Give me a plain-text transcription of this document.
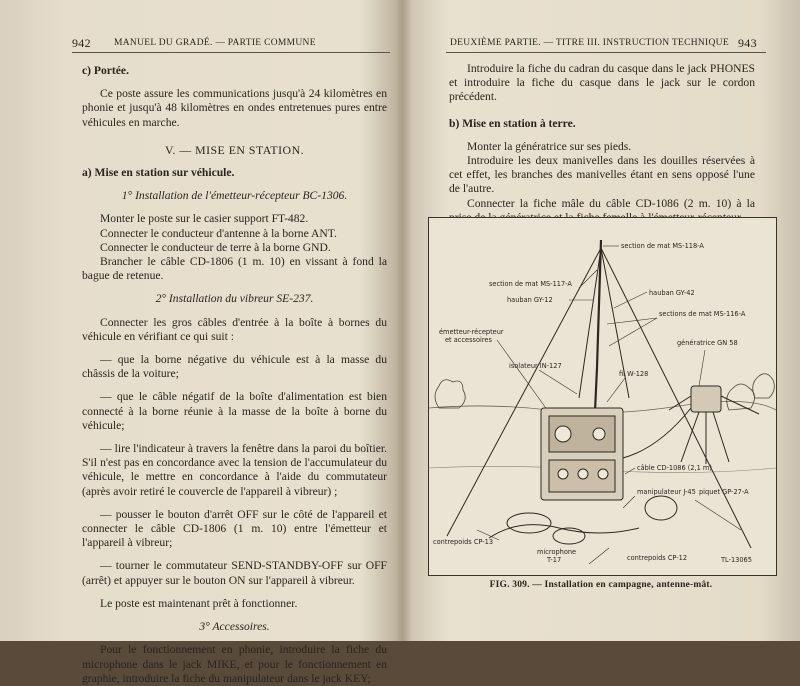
942 MANUEL DU GRADÉ. — PARTIE COMMUNE

c) Portée.

Ce poste assure les communications jusqu'à 24 kilomètres en phonie et jusqu'à 48 kilomètres en ondes entretenues pures entre véhicules en marche.

V. — MISE EN STATION.

a) Mise en station sur véhicule.

1° Installation de l'émetteur-récepteur BC-1306.

Monter le poste sur le casier support FT-482.

Connecter le conducteur d'antenne à la borne ANT.

Connecter le conducteur de terre à la borne GND.

Brancher le câble CD-1806 (1 m. 10) en vissant à fond la bague de retenue.

2° Installation du vibreur SE-237.

Connecter les gros câbles d'entrée à la boîte à bornes du véhicule en vérifiant ce qui suit :

— que la borne négative du véhicule est à la masse du châssis de la voiture;

— que le câble négatif de la boîte d'alimentation est bien connecté à la borne réunie à la masse de la boîte à borne du véhicule;

— lire l'indicateur à travers la fenêtre dans la paroi du boîtier. S'il n'est pas en concordance avec la tension de l'accumulateur du véhicule, le mettre en concordance à l'aide du commutateur (après avoir retiré le couvercle de l'appareil à vibreur) ;

— pousser le bouton d'arrêt OFF sur le côté de l'appareil et connecter le câble CD-1806 (1 m. 10) entre l'émetteur et l'appareil à vibreur;

— tourner le commutateur SEND-STANDBY-OFF sur OFF (arrêt) et appuyer sur le bouton ON sur l'appareil à vibreur.

Le poste est maintenant prêt à fonctionner.

3° Accessoires.

Pour le fonctionnement en phonie, introduire la fiche du microphone dans le jack MIKE, et pour le fonctionnement en graphie, introduire la fiche du manipulateur dans le jack KEY;

DEUXIÈME PARTIE. — TITRE III. INSTRUCTION TECHNIQUE 943

Introduire la fiche du cadran du casque dans le jack PHONES et introduire la fiche du casque dans le jack sur le cordon précédent.

b) Mise en station à terre.

Monter la génératrice sur ses pieds.

Introduire les deux manivelles dans les douilles réservées à cet effet, les branches des manivelles étant en sens opposé l'une de l'autre.

Connecter la fiche mâle du câble CD-1086 (2 m. 10) à la

section de mat MS-118-A
section de mat MS-117-A
hauban GY-12
hauban GY-42
sections de mat MS-116-A
émetteur-récepteur
et accessoires	génératrice GN 58
isolateur IN-127
fil W-128
câble CD-1086 (2,1 m)
manipulateur J-45 piquet GP-27-A
contrepoids CP-13
microphone
T-17	contrepoids CP-12	TL-13065
FIG. 309. — Installation en campagne, antenne-mât.
